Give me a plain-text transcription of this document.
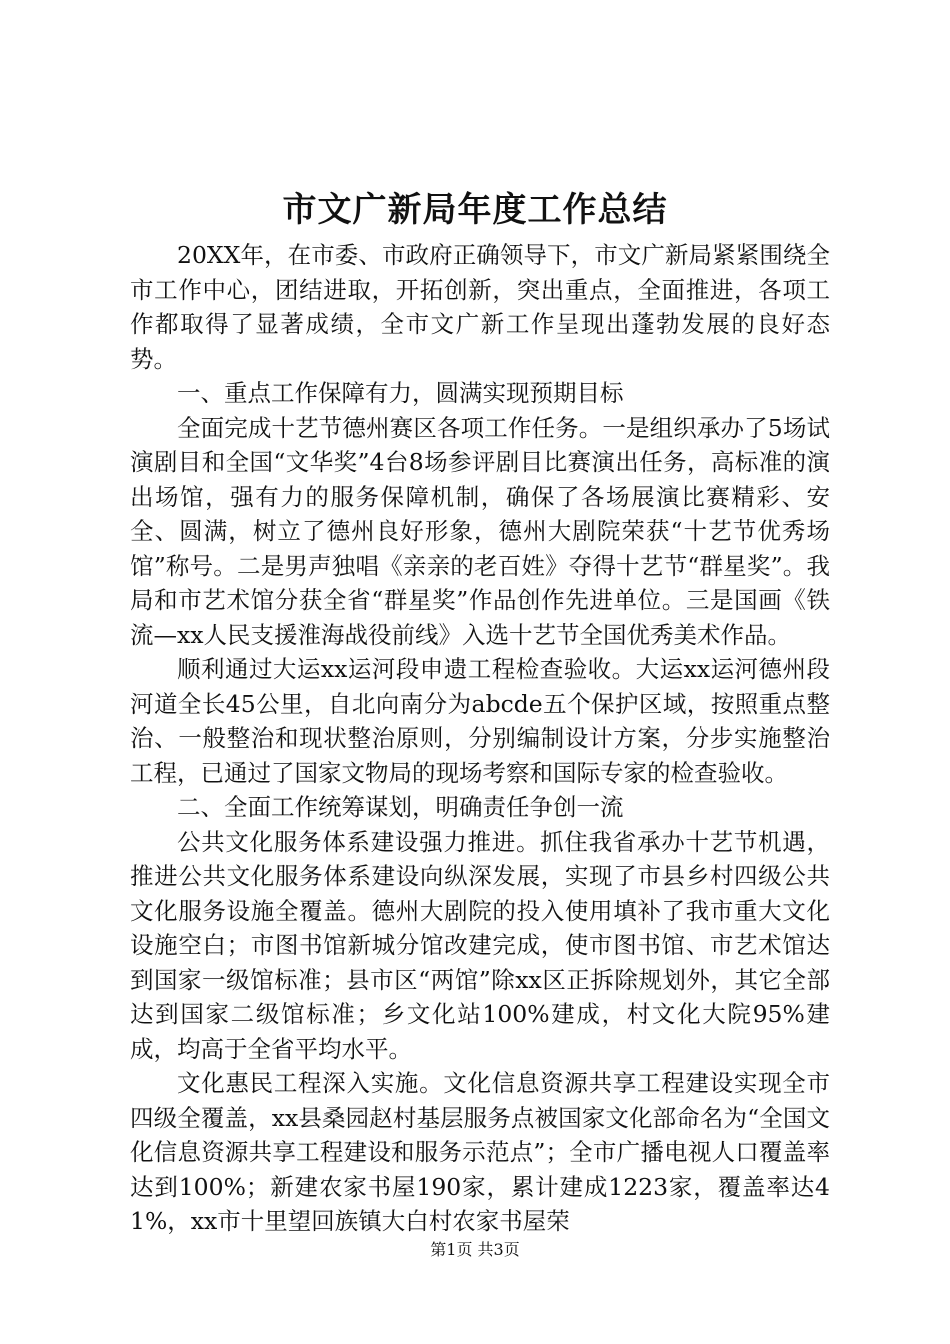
市文广新局年度工作总结

20XX年，在市委、市政府正确领导下，市文广新局紧紧围绕全市工作中心，团结进取，开拓创新，突出重点，全面推进，各项工作都取得了显著成绩，全市文广新工作呈现出蓬勃发展的良好态势。

一、重点工作保障有力，圆满实现预期目标

全面完成十艺节德州赛区各项工作任务。一是组织承办了5场试演剧目和全国“文华奖”4台8场参评剧目比赛演出任务，高标准的演出场馆，强有力的服务保障机制，确保了各场展演比赛精彩、安全、圆满，树立了德州良好形象，德州大剧院荣获“十艺节优秀场馆”称号。二是男声独唱《亲亲的老百姓》夺得十艺节“群星奖”。我局和市艺术馆分获全省“群星奖”作品创作先进单位。三是国画《铁流—xx人民支援淮海战役前线》入选十艺节全国优秀美术作品。

顺利通过大运xx运河段申遗工程检查验收。大运xx运河德州段河道全长45公里，自北向南分为abcde五个保护区域，按照重点整治、一般整治和现状整治原则，分别编制设计方案，分步实施整治工程，已通过了国家文物局的现场考察和国际专家的检查验收。

二、全面工作统筹谋划，明确责任争创一流

公共文化服务体系建设强力推进。抓住我省承办十艺节机遇，推进公共文化服务体系建设向纵深发展，实现了市县乡村四级公共文化服务设施全覆盖。德州大剧院的投入使用填补了我市重大文化设施空白；市图书馆新城分馆改建完成，使市图书馆、市艺术馆达到国家一级馆标准；县市区“两馆”除xx区正拆除规划外，其它全部达到国家二级馆标准；乡文化站100%建成，村文化大院95%建成，均高于全省平均水平。

文化惠民工程深入实施。文化信息资源共享工程建设实现全市四级全覆盖，xx县桑园赵村基层服务点被国家文化部命名为“全国文化信息资源共享工程建设和服务示范点”；全市广播电视人口覆盖率达到100%；新建农家书屋190家，累计建成1223家，覆盖率达41%，xx市十里望回族镇大白村农家书屋荣

第1页 共3页
